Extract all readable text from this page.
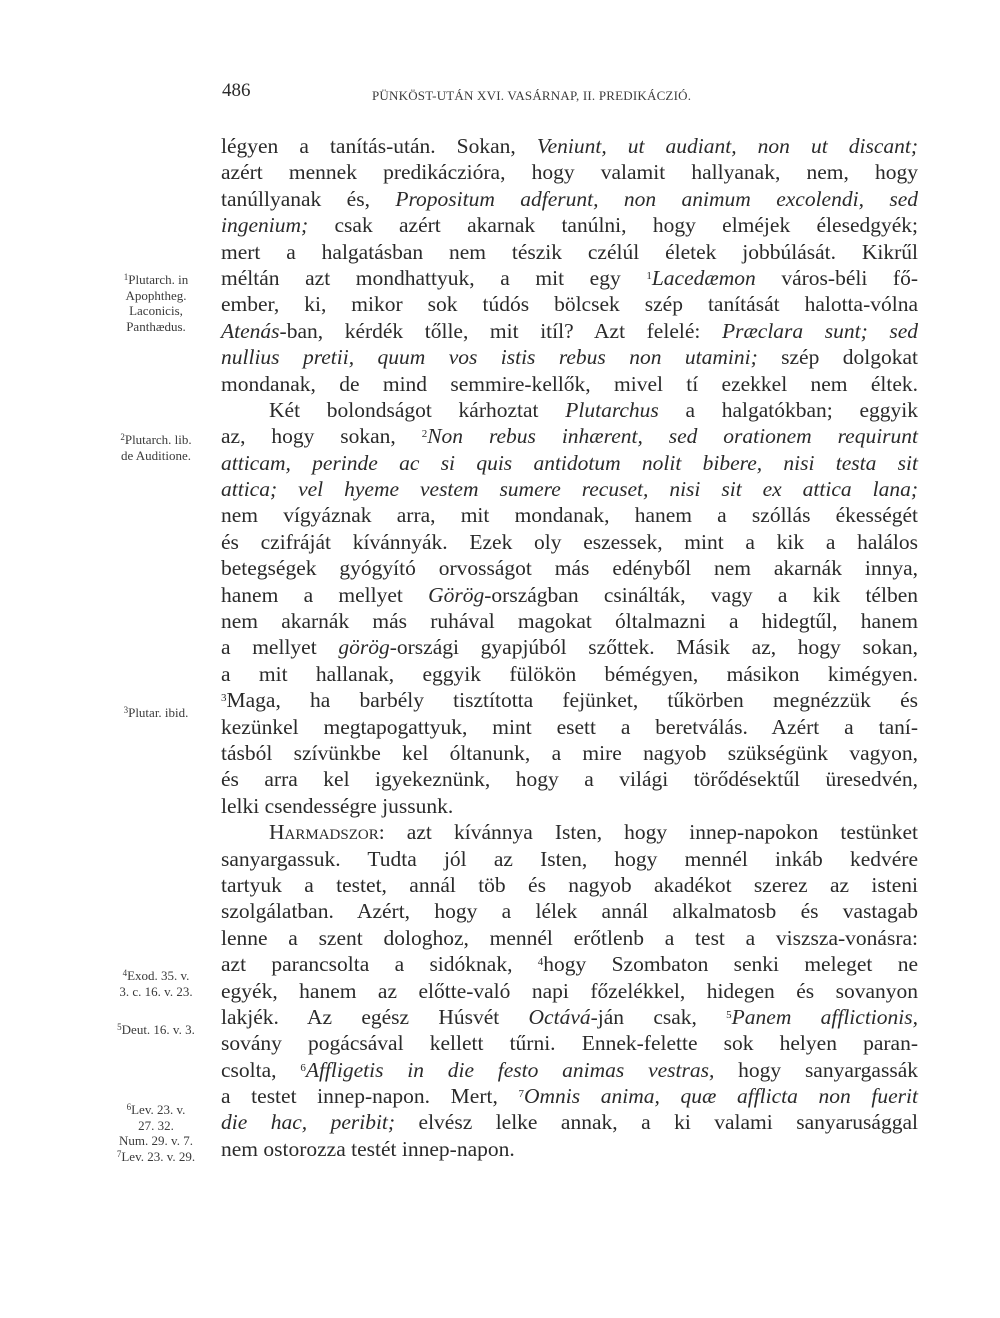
486	PÜNKÖST-UTÁN XVI. VASÁRNAP, II. PREDIKÁCZIÓ.
$^1$Plutarch. in
Apophtheg.
Laconicis,
Panthædus.
$^2$Plutarch. lib.
de Auditione.
$^3$Plutar. ibid.
$^4$Exod. 35. v.
3. c. 16. v. 23.
$^5$Deut. 16. v. 3.
$^6$Lev. 23. v.
27. 32.
Num. 29. v. 7.
$^7$Lev. 23. v. 29.
légyen a tanítás-után. Sokan, Veniunt, ut audiant, non ut discant;
azért mennek predikáczióra, hogy valamit hallyanak, nem, hogy
tanúllyanak és, Propositum adferunt, non animum excolendi, sed
ingenium; csak azért akarnak tanúlni, hogy elméjek élesedgyék;
mert a halgatásban nem tészik czélúl életek jobbúlását. Kikrűl
méltán azt mondhattyuk, a mit egy $^1$Lacedæmon város-béli fő-
ember, ki, mikor sok túdós bölcsek szép tanítását halotta-vólna
Atenás-ban, kérdék tőlle, mit itíl? Azt felelé: Præclara sunt; sed
nullius pretii, quum vos istis rebus non utamini; szép dolgokat
mondanak, de mind semmire-kellők, mivel tí ezekkel nem éltek.
Két bolondságot kárhoztat Plutarchus a halgatókban; eggyik
az, hogy sokan, $^2$Non rebus inhærent, sed orationem requirunt
atticam, perinde ac si quis antidotum nolit bibere, nisi testa sit
attica; vel hyeme vestem sumere recuset, nisi sit ex attica lana;
nem vígyáznak arra, mit mondanak, hanem a szóllás ékességét
és czifráját kívánnyák. Ezek oly eszessek, mint a kik a halálos
betegségek gyógyító orvosságot más edényből nem akarnák innya,
hanem a mellyet Görög-országban csinálták, vagy a kik télben
nem akarnák más ruhával magokat óltalmazni a hidegtűl, hanem
a mellyet görög-országi gyapjúból szőttek. Másik az, hogy sokan,
a mit hallanak, eggyik fülökön bémégyen, másikon kimégyen.
$^3$Maga, ha barbély tisztította fejünket, tűkörben megnézzük és
kezünkel megtapogattyuk, mint esett a beretválás. Azért a taní-
tásból szívünkbe kel óltanunk, a mire nagyob szükségünk vagyon,
és arra kel igyekeznünk, hogy a világi törődésektűl üresedvén,
lelki csendességre jussunk.
Harmadszor: azt kívánnya Isten, hogy innep-napokon testünket
sanyargassuk. Tudta jól az Isten, hogy mennél inkáb kedvére
tartyuk a testet, annál töb és nagyob akadékot szerez az isteni
szolgálatban. Azért, hogy a lélek annál alkalmatosb és vastagab
lenne a szent dologhoz, mennél erőtlenb a test a viszsza-vonásra:
azt parancsolta a sidóknak, $^4$hogy Szombaton senki meleget ne
egyék, hanem az előtte-való napi főzelékkel, hidegen és sovanyon
lakjék. Az egész Húsvét Octává-ján csak, $^5$Panem afflictionis,
sovány pogácsával kellett tűrni. Ennek-felette sok helyen paran-
csolta, $^6$Affligetis in die festo animas vestras, hogy sanyargassák
a testet innep-napon. Mert, $^7$Omnis anima, quæ afflicta non fuerit
die hac, peribit; elvész lelke annak, a ki valami sanyarusággal
nem ostorozza testét innep-napon.
